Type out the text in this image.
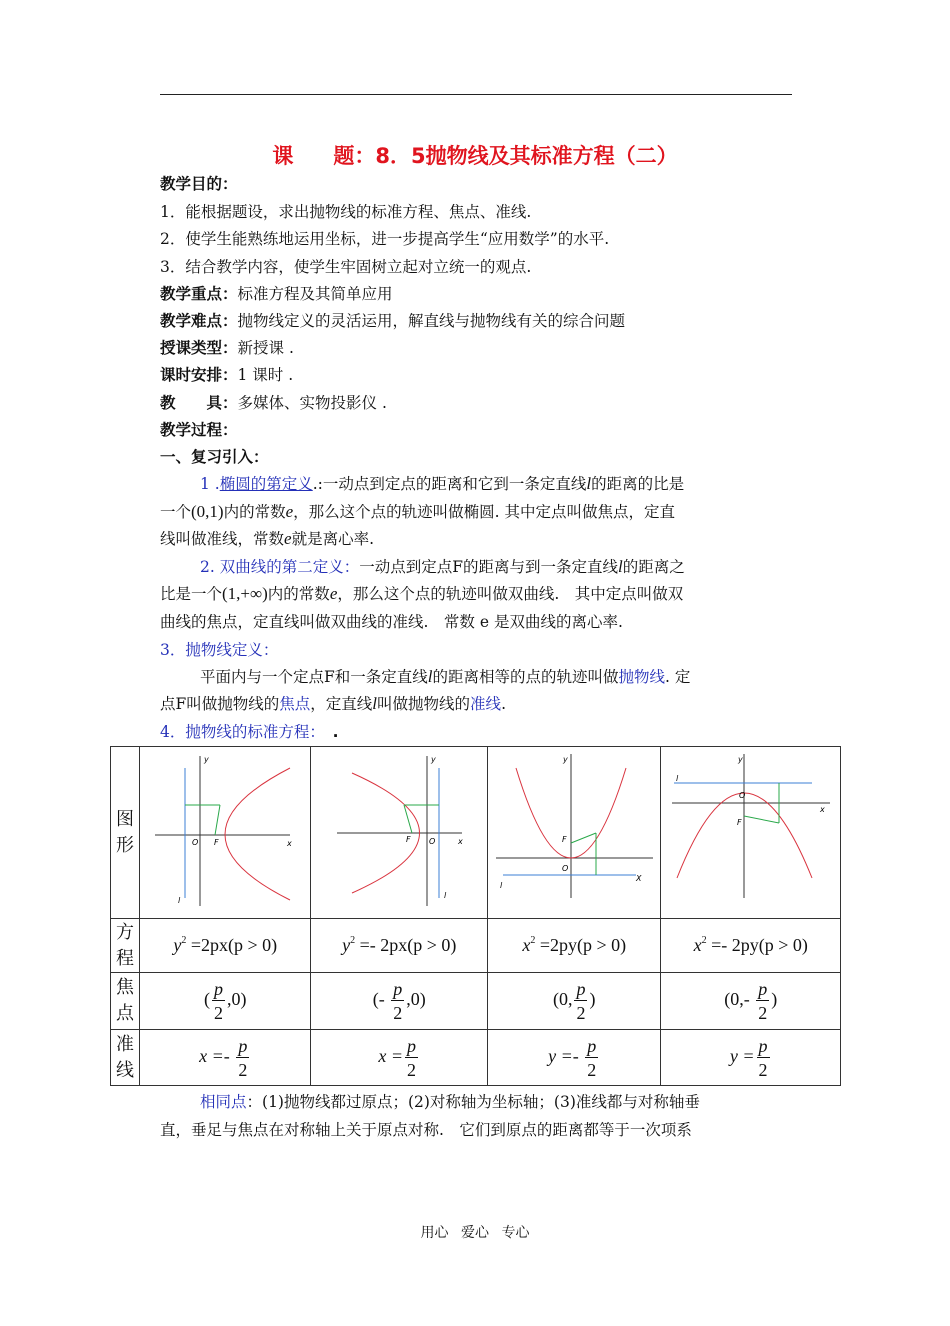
课 题：8．5抛物线及其标准方程（二）
教学目的：
1．能根据题设，求出抛物线的标准方程、焦点、准线.
2．使学生能熟练地运用坐标，进一步提高学生“应用数学”的水平.
3．结合教学内容，使学生牢固树立起对立统一的观点.
教学重点：标准方程及其简单应用
教学难点：抛物线定义的灵活运用，解直线与抛物线有关的综合问题
授课类型：新授课 .
课时安排：1 课时 .
教　　具：多媒体、实物投影仪 .
教学过程：
一、复习引入：
1 .椭圆的第定义.:一动点到定点的距离和它到一条定直线l的距离的比是
一个(0,1)内的常数e，那么这个点的轨迹叫做椭圆. 其中定点叫做焦点，定直
线叫做准线，常数e就是离心率.
2. 双曲线的第二定义：一动点到定点F的距离与到一条定直线l的距离之
比是一个(1,+∞)内的常数e，那么这个点的轨迹叫做双曲线.　其中定点叫做双
曲线的焦点，定直线叫做双曲线的准线.　常数 e 是双曲线的离心率.
3．抛物线定义：
平面内与一个定点F和一条定直线l的距离相等的点的轨迹叫做抛物线. 定
点F叫做抛物线的焦点，定直线l叫做抛物线的准线.
4．抛物线的标准方程：　 .
图
形	y
x
O F
l	y
x
O
F
l	y
X
O
F
l	y
x
O
F
l

方
程	$y^2 =2px(p > 0)$	$y^2 =- 2px(p > 0)$	$x^2 =2py(p > 0)$	$x^2 =- 2py(p > 0)$
焦
点	( $\frac{p}{2} ,0$)	(- $\frac{p}{2} ,0$)	(0, $\frac{p}{2}$ )	($0,- \frac{p}{2}$ )
准
线	$x =- \frac{p}{2}$	$x = \frac{p}{2}$	$y =- \frac{p}{2}$	$y = \frac{p}{2}$
相同点：(1)抛物线都过原点；(2)对称轴为坐标轴；(3)准线都与对称轴垂
直，垂足与焦点在对称轴上关于原点对称.　它们到原点的距离都等于一次项系
用心 爱心 专心
